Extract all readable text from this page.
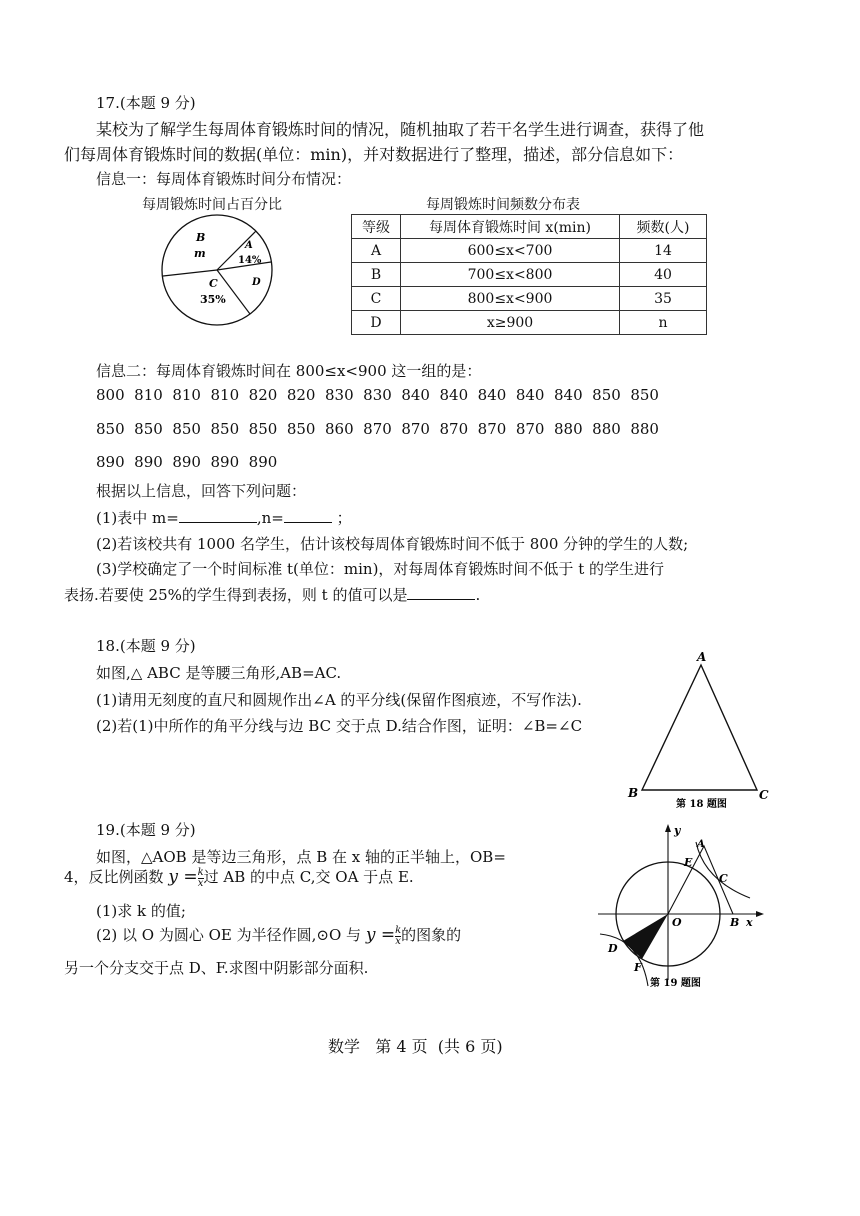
17.(本题 9 分)
某校为了解学生每周体育锻炼时间的情况，随机抽取了若干名学生进行调查，获得了他
们每周体育锻炼时间的数据(单位：min)，并对数据进行了整理，描述，部分信息如下：
信息一：每周体育锻炼时间分布情况：
每周锻炼时间占百分比
B
m
A
14%
C
35%
D
每周锻炼时间频数分布表
等级	每周体育锻炼时间 x(min)	频数(人)
A	600≤x<700	14
B	700≤x<800	40
C	800≤x<900	35
D	x≥900	n
信息二：每周体育锻炼时间在 800≤x<900 这一组的是：
800  810  810  810  820  820  830  830  840  840  840  840  840  850  850
850  850  850  850  850  850  860  870  870  870  870  870  880  880  880
890  890  890  890  890
根据以上信息，回答下列问题：
(1)表中 m=	,n=	；
(2)若该校共有 1000 名学生，估计该校每周体育锻炼时间不低于 800 分钟的学生的人数;
(3)学校确定了一个时间标准 t(单位：min)，对每周体育锻炼时间不低于 t 的学生进行
表扬.若要使 25%的学生得到表扬，则 t 的值可以是	.
18.(本题 9 分)
如图,△ ABC 是等腰三角形,AB=AC.
(1)请用无刻度的直尺和圆规作出∠A 的平分线(保留作图痕迹，不写作法).
(2)若(1)中所作的角平分线与边 BC 交于点 D.结合作图，证明：∠B=∠C
A
B	C
第 18 题图
19.(本题 9 分)
如图，△AOB 是等边三角形，点 B 在 x 轴的正半轴上，OB=
4，反比例函数 $y = \frac{k}{x}$ 过 AB 的中点 C,交 OA 于点 E.
(1)求 k 的值;
(2) 以 O 为圆心 OE 为半径作圆,⊙O 与 $y = \frac{k}{x}$ 的图象的
另一个分支交于点 D、F.求图中阴影部分面积.
y
A
E
C
O	B x
D
F
第 19 题图
数学   第 4 页  (共 6 页)
